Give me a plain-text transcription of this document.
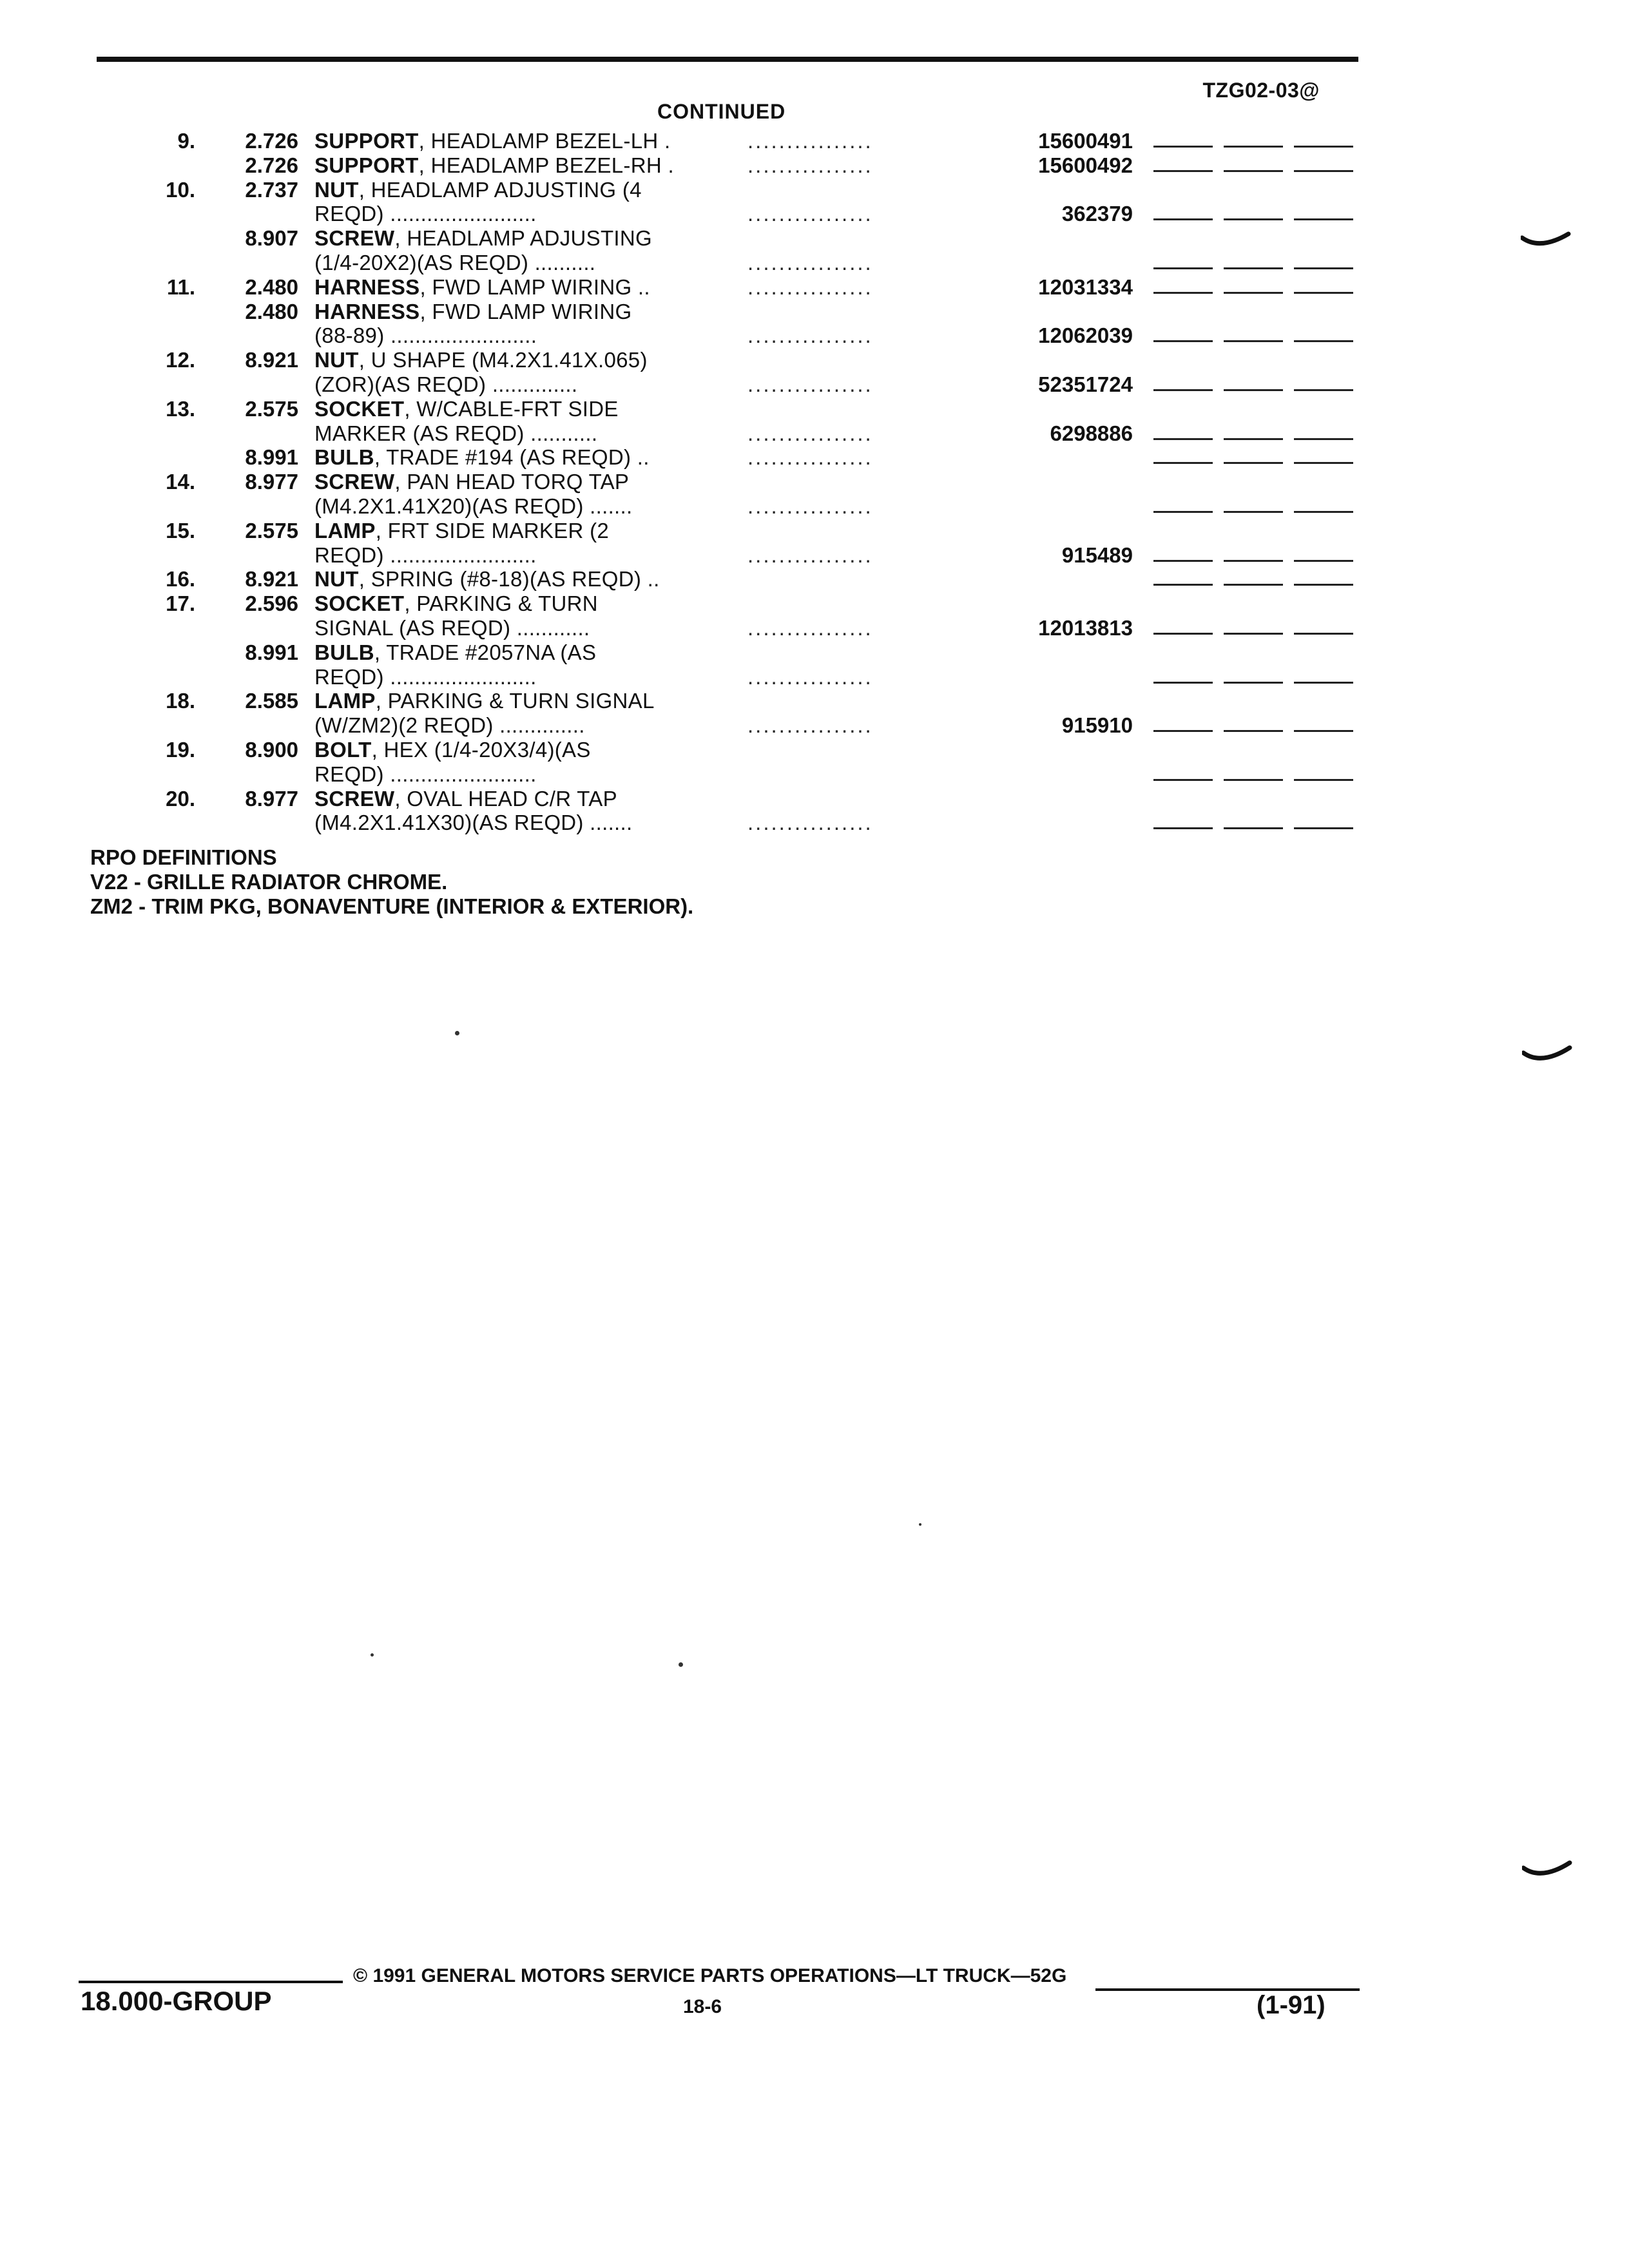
TZG02-03@
CONTINUED
9. 2.726 SUPPORT, HEADLAMP BEZEL-LH .	................	15600491
2.726 SUPPORT, HEADLAMP BEZEL-RH .	................	15600492
10. 2.737 NUT, HEADLAMP ADJUSTING (4
REQD) ........................	................	362379
8.907 SCREW, HEADLAMP ADJUSTING
(1/4-20X2)(AS REQD) ..........	................
11. 2.480 HARNESS, FWD LAMP WIRING ..	................	12031334
2.480 HARNESS, FWD LAMP WIRING
(88-89) ........................	................	12062039
12. 8.921 NUT, U SHAPE (M4.2X1.41X.065)
(ZOR)(AS REQD) ..............	................	52351724
13. 2.575 SOCKET, W/CABLE-FRT SIDE
MARKER (AS REQD) ...........	................	6298886
8.991 BULB, TRADE #194 (AS REQD) ..	................
14. 8.977 SCREW, PAN HEAD TORQ TAP
(M4.2X1.41X20)(AS REQD) .......	................
15. 2.575 LAMP, FRT SIDE MARKER (2
REQD) ........................	................	915489
16. 8.921 NUT, SPRING (#8-18)(AS REQD) ..
17. 2.596 SOCKET, PARKING & TURN
SIGNAL (AS REQD) ............	................	12013813
8.991 BULB, TRADE #2057NA (AS
REQD) ........................	................
18. 2.585 LAMP, PARKING & TURN SIGNAL
(W/ZM2)(2 REQD) ..............	................	915910
19. 8.900 BOLT, HEX (1/4-20X3/4)(AS
REQD) ........................
20. 8.977 SCREW, OVAL HEAD C/R TAP
(M4.2X1.41X30)(AS REQD) .......	................
RPO DEFINITIONS
V22 - GRILLE RADIATOR CHROME.
ZM2 - TRIM PKG, BONAVENTURE (INTERIOR & EXTERIOR).
© 1991 GENERAL MOTORS SERVICE PARTS OPERATIONS—LT TRUCK—52G
18.000-GROUP	18-6	(1-91)
